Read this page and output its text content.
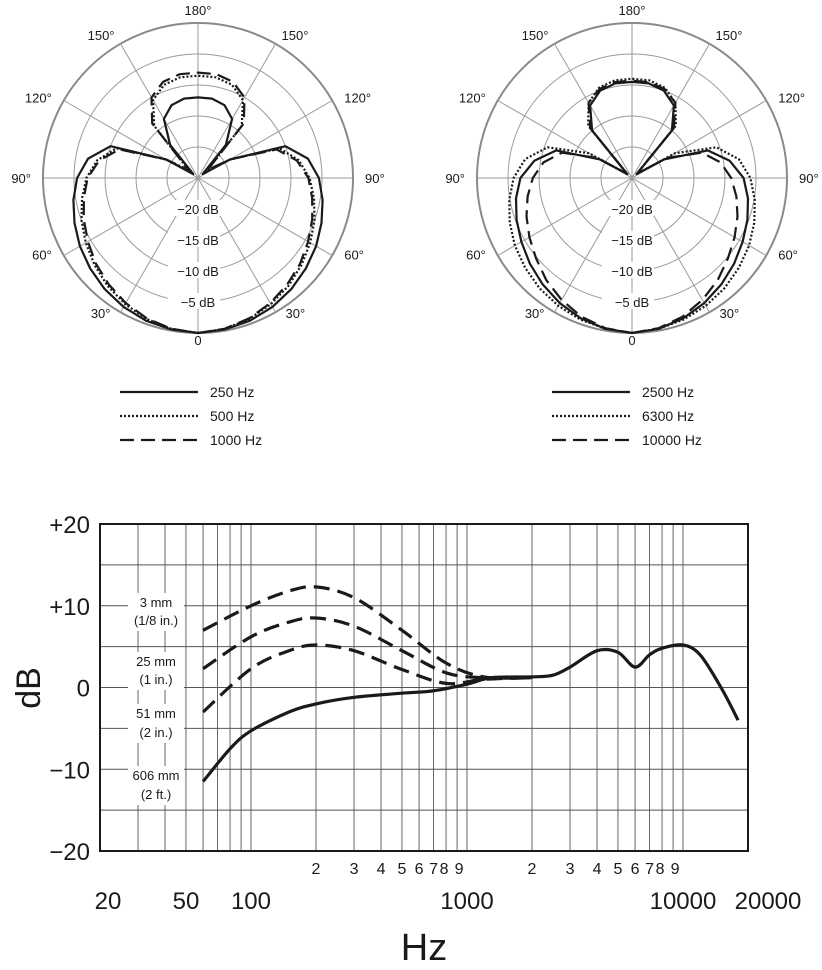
0
180°
30°
30°
60°
60°
90°
90°
120°
120°
150°
150°
−5 dB
−10 dB
−15 dB
−20 dB
0
180°
30°
30°
60°
60°
90°
90°
120°
120°
150°
150°
−5 dB
−10 dB
−15 dB
−20 dB
250 Hz
500 Hz
1000 Hz
2500 Hz
6300 Hz
10000 Hz
3 mm
(1/8 in.)
25 mm
(1 in.)
51 mm
(2 in.)
606 mm
(2 ft.)
+20
+10
0
−10
−20
20 50 100
2 3 4 5 6 7 8 9
1000
2 3 4 5 6 7 8 9
10000 20000
dB
Hz
